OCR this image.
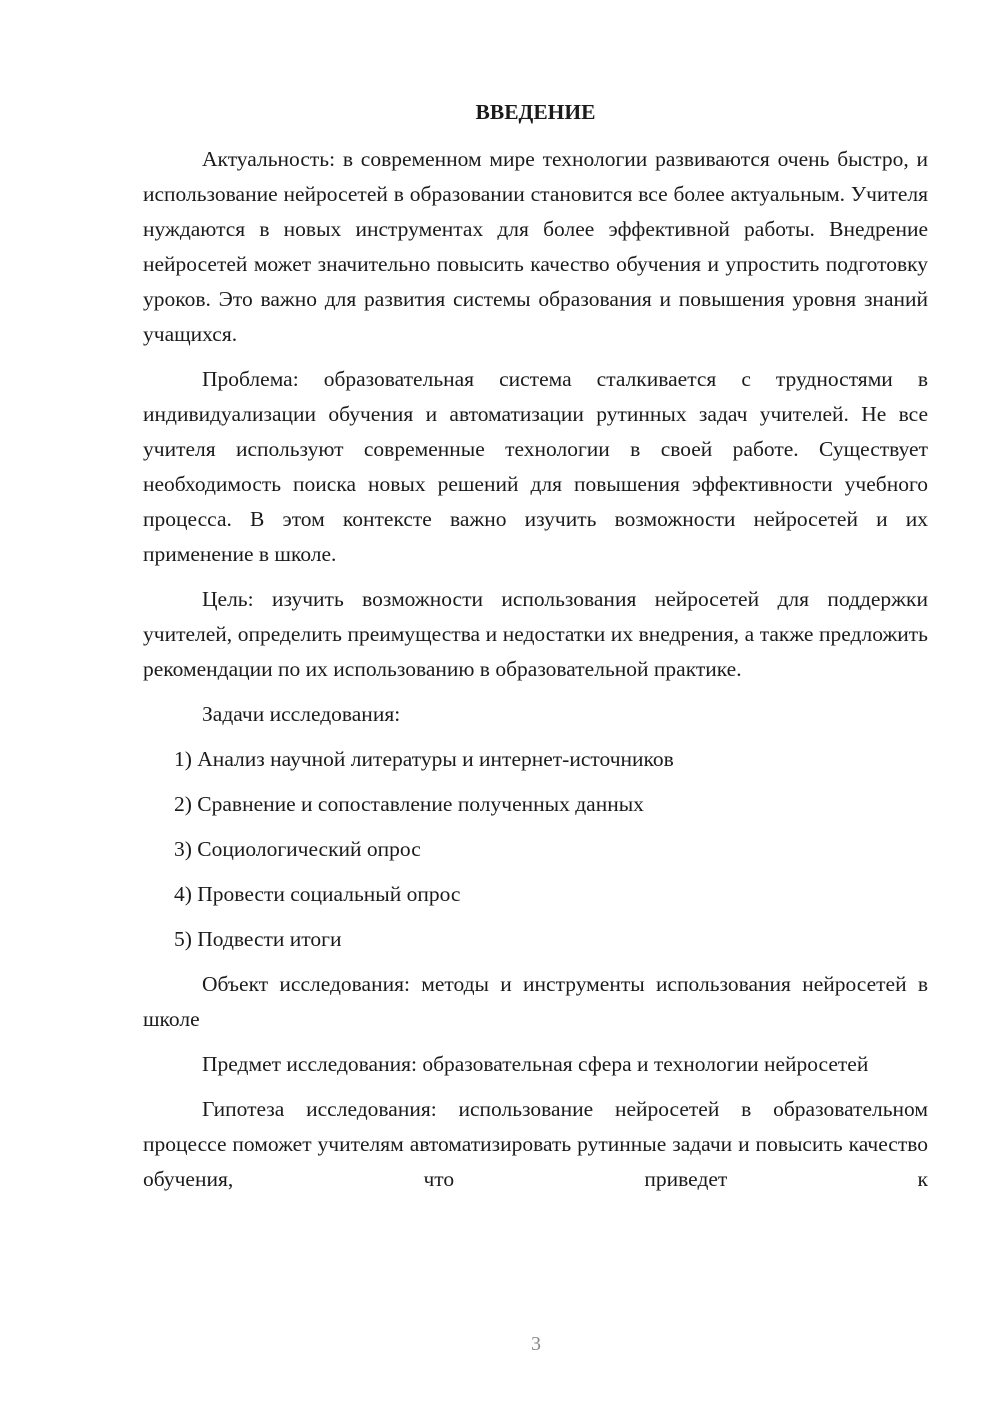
ВВЕДЕНИЕ

Актуальность: в современном мире технологии развиваются очень быстро, и использование нейросетей в образовании становится все более актуальным. Учителя нуждаются в новых инструментах для более эффективной работы. Внедрение нейросетей может значительно повысить качество обучения и упростить подготовку уроков. Это важно для развития системы образования и повышения уровня знаний учащихся.

Проблема: образовательная система сталкивается с трудностями в индивидуализации обучения и автоматизации рутинных задач учителей. Не все учителя используют современные технологии в своей работе. Существует необходимость поиска новых решений для повышения эффективности учебного процесса. В этом контексте важно изучить возможности нейросетей и их применение в школе.

Цель: изучить возможности использования нейросетей для поддержки учителей, определить преимущества и недостатки их внедрения, а также предложить рекомендации по их использованию в образовательной практике.

Задачи исследования:

1) Анализ научной литературы и интернет-источников
2) Сравнение и сопоставление полученных данных
3) Социологический опрос
4) Провести социальный опрос
5) Подвести итоги

Объект исследования: методы и инструменты использования нейросетей в школе

Предмет исследования: образовательная сфера и технологии нейросетей

Гипотеза исследования: использование нейросетей в образовательном процессе поможет учителям автоматизировать рутинные задачи и повысить качество обучения, что приведет к

3
